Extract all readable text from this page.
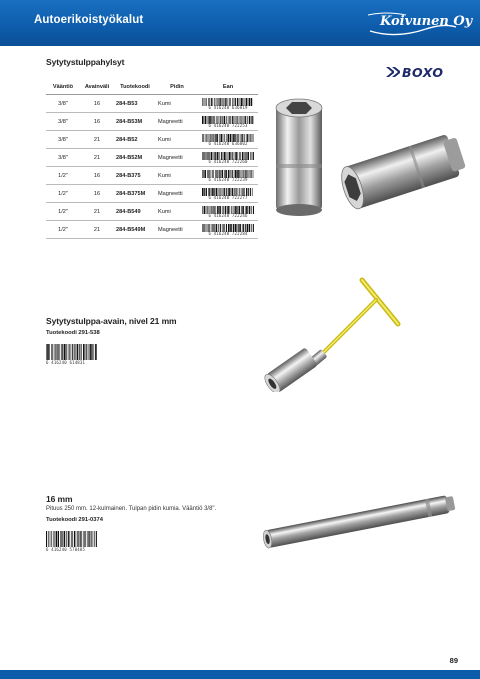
Autoerikoistyökalut	Koivunen Oy
Sytytystulppahylsyt
BOXO
Vääntiö	Avainväli	Tuotekoodi	Pidin	Ean
3/8"	16	284-B53	Kumi	6 416240 636819

3/8"	16	284-B53M	Magneetti	6 416240 722253

3/8"	21	284-B52	Kumi	6 416240 636802

3/8"	21	284-B52M	Magneetti	6 416240 722260

1/2"	16	284-B375	Kumi	6 416240 722239

1/2"	16	284-B375M	Magneetti	6 416240 722277

1/2"	21	284-B549	Kumi	6 416240 722246

1/2"	21	284-B549M	Magneetti	6 416240 722284
Sytytystulppa-avain, nivel 21 mm
Tuotekoodi 291-538
6 416240 614831
16 mm
Pituus 250 mm. 12-kulmainen. Tulpan pidin kumia. Vääntiö 3/8".
Tuotekoodi 291-0374
6 416240 578485
89
